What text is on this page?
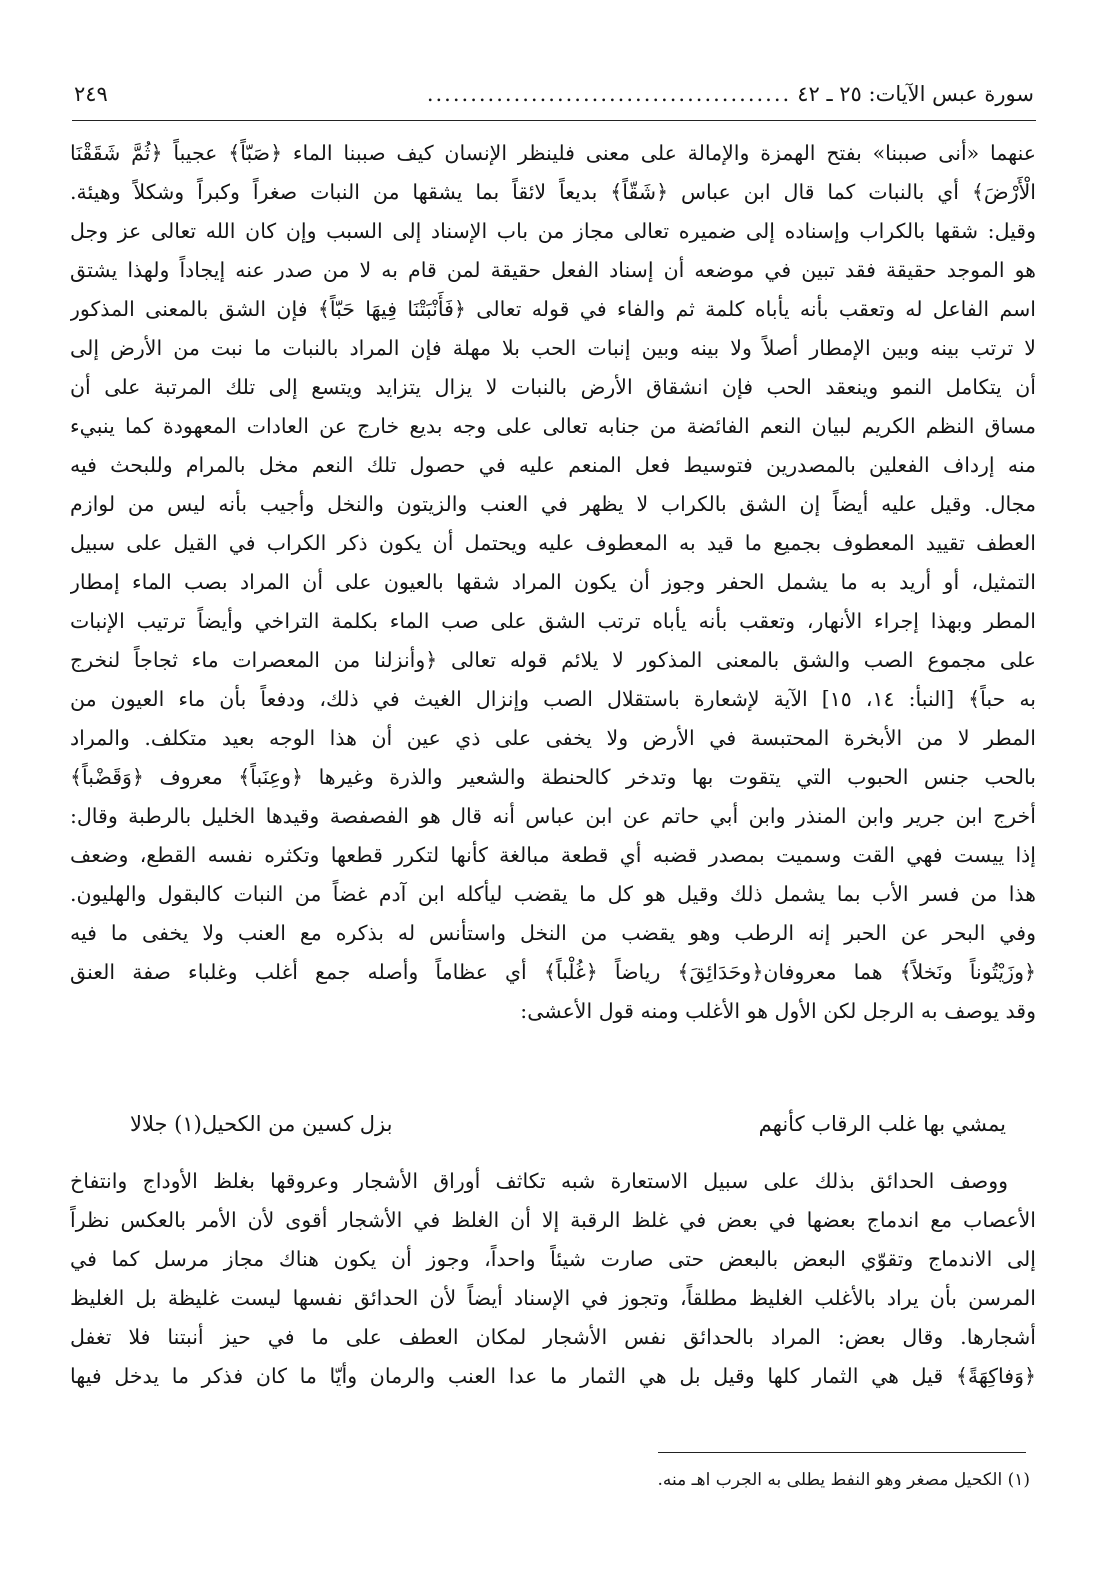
سورة عبس الآيات: ٢٥ ـ ٤٢
..........................................
٢٤٩
عنهما «أنى صببنا» بفتح الهمزة والإمالة على معنى فلينظر الإنسان كيف صببنا الماء ﴿صَبّاً﴾ عجيباً ﴿ثُمَّ شَقَقْنَا
الْأَرْضَ﴾ أي بالنبات كما قال ابن عباس ﴿شَقّاً﴾ بديعاً لائقاً بما يشقها من النبات صغراً وكبراً وشكلاً وهيئة.
وقيل: شقها بالكراب وإسناده إلى ضميره تعالى مجاز من باب الإسناد إلى السبب وإن كان الله تعالى عز وجل
هو الموجد حقيقة فقد تبين في موضعه أن إسناد الفعل حقيقة لمن قام به لا من صدر عنه إيجاداً ولهذا يشتق
اسم الفاعل له وتعقب بأنه يأباه كلمة ثم والفاء في قوله تعالى ﴿فَأَنْبَتْنَا فِيهَا حَبّاً﴾ فإن الشق بالمعنى المذكور
لا ترتب بينه وبين الإمطار أصلاً ولا بينه وبين إنبات الحب بلا مهلة فإن المراد بالنبات ما نبت من الأرض إلى
أن يتكامل النمو وينعقد الحب فإن انشقاق الأرض بالنبات لا يزال يتزايد ويتسع إلى تلك المرتبة على أن
مساق النظم الكريم لبيان النعم الفائضة من جنابه تعالى على وجه بديع خارج عن العادات المعهودة كما ينبيء
منه إرداف الفعلين بالمصدرين فتوسيط فعل المنعم عليه في حصول تلك النعم مخل بالمرام وللبحث فيه
مجال. وقيل عليه أيضاً إن الشق بالكراب لا يظهر في العنب والزيتون والنخل وأجيب بأنه ليس من لوازم
العطف تقييد المعطوف بجميع ما قيد به المعطوف عليه ويحتمل أن يكون ذكر الكراب في القيل على سبيل
التمثيل، أو أريد به ما يشمل الحفر وجوز أن يكون المراد شقها بالعيون على أن المراد بصب الماء إمطار
المطر وبهذا إجراء الأنهار، وتعقب بأنه يأباه ترتب الشق على صب الماء بكلمة التراخي وأيضاً ترتيب الإنبات
على مجموع الصب والشق بالمعنى المذكور لا يلائم قوله تعالى ﴿وأنزلنا من المعصرات ماء ثجاجاً لنخرج
به حباً﴾ [النبأ: ١٤، ١٥] الآية لإشعارة باستقلال الصب وإنزال الغيث في ذلك، ودفعاً بأن ماء العيون من
المطر لا من الأبخرة المحتبسة في الأرض ولا يخفى على ذي عين أن هذا الوجه بعيد متكلف. والمراد
بالحب جنس الحبوب التي يتقوت بها وتدخر كالحنطة والشعير والذرة وغيرها ﴿وعِنَباً﴾ معروف ﴿وَقَضْباً﴾
أخرج ابن جرير وابن المنذر وابن أبي حاتم عن ابن عباس أنه قال هو الفصفصة وقيدها الخليل بالرطبة وقال:
إذا ييست فهي القت وسميت بمصدر قضبه أي قطعة مبالغة كأنها لتكرر قطعها وتكثره نفسه القطع، وضعف
هذا من فسر الأب بما يشمل ذلك وقيل هو كل ما يقضب ليأكله ابن آدم غضاً من النبات كالبقول والهليون.
وفي البحر عن الحبر إنه الرطب وهو يقضب من النخل واستأنس له بذكره مع العنب ولا يخفى ما فيه
﴿وزَيْتُوناً ونَخلاً﴾ هما معروفان﴿وحَدَائِقَ﴾ رياضاً ﴿غُلْباً﴾ أي عظاماً وأصله جمع أغلب وغلباء صفة العنق
وقد يوصف به الرجل لكن الأول هو الأغلب ومنه قول الأعشى:
يمشي بها غلب الرقاب كأنهم
بزل كسين من الكحيل(١) جلالا
ووصف الحدائق بذلك على سبيل الاستعارة شبه تكاثف أوراق الأشجار وعروقها بغلظ الأوداج وانتفاخ
الأعصاب مع اندماج بعضها في بعض في غلظ الرقبة إلا أن الغلظ في الأشجار أقوى لأن الأمر بالعكس نظراً
إلى الاندماج وتقوّي البعض بالبعض حتى صارت شيئاً واحداً، وجوز أن يكون هناك مجاز مرسل كما في
المرسن بأن يراد بالأغلب الغليظ مطلقاً، وتجوز في الإسناد أيضاً لأن الحدائق نفسها ليست غليظة بل الغليظ
أشجارها. وقال بعض: المراد بالحدائق نفس الأشجار لمكان العطف على ما في حيز أنبتنا فلا تغفل
﴿وَفاكِهَةً﴾ قيل هي الثمار كلها وقيل بل هي الثمار ما عدا العنب والرمان وأيّا ما كان فذكر ما يدخل فيها
(١) الكحيل مصغر وهو النفط يطلى به الجرب اهـ منه.
